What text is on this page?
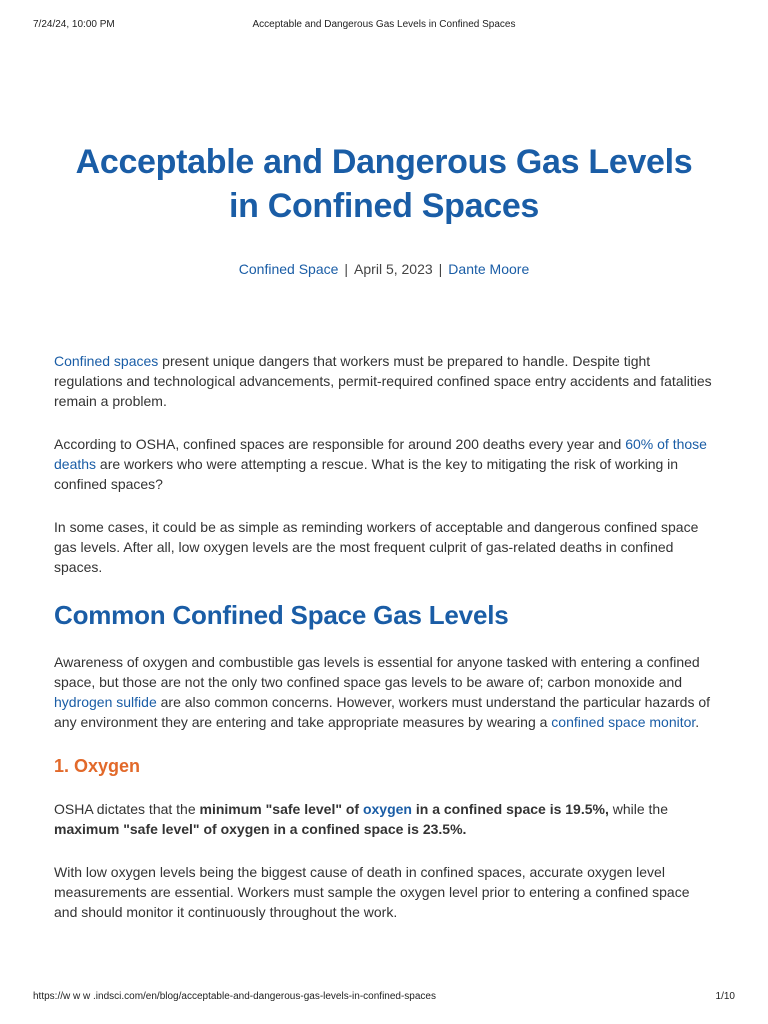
7/24/24, 10:00 PM	Acceptable and Dangerous Gas Levels in Confined Spaces
Acceptable and Dangerous Gas Levels
in Confined Spaces
Confined Space | April 5, 2023 | Dante Moore

Confined spaces present unique dangers that workers must be prepared to handle. Despite tight regulations and technological advancements, permit-required confined space entry accidents and fatalities remain a problem.

According to OSHA, confined spaces are responsible for around 200 deaths every year and 60% of those deaths are workers who were attempting a rescue. What is the key to mitigating the risk of working in confined spaces?

In some cases, it could be as simple as reminding workers of acceptable and dangerous confined space gas levels. After all, low oxygen levels are the most frequent culprit of gas-related deaths in confined spaces.

Common Confined Space Gas Levels

Awareness of oxygen and combustible gas levels is essential for anyone tasked with entering a confined space, but those are not the only two confined space gas levels to be aware of; carbon monoxide and hydrogen sulfide are also common concerns. However, workers must understand the particular hazards of any environment they are entering and take appropriate measures by wearing a confined space monitor.

1. Oxygen

OSHA dictates that the minimum "safe level" of oxygen in a confined space is 19.5%, while the maximum "safe level" of oxygen in a confined space is 23.5%.

With low oxygen levels being the biggest cause of death in confined spaces, accurate oxygen level measurements are essential. Workers must sample the oxygen level prior to entering a confined space and should monitor it continuously throughout the work.

https://w w w .indsci.com/en/blog/acceptable-and-dangerous-gas-levels-in-confined-spaces	1/10
